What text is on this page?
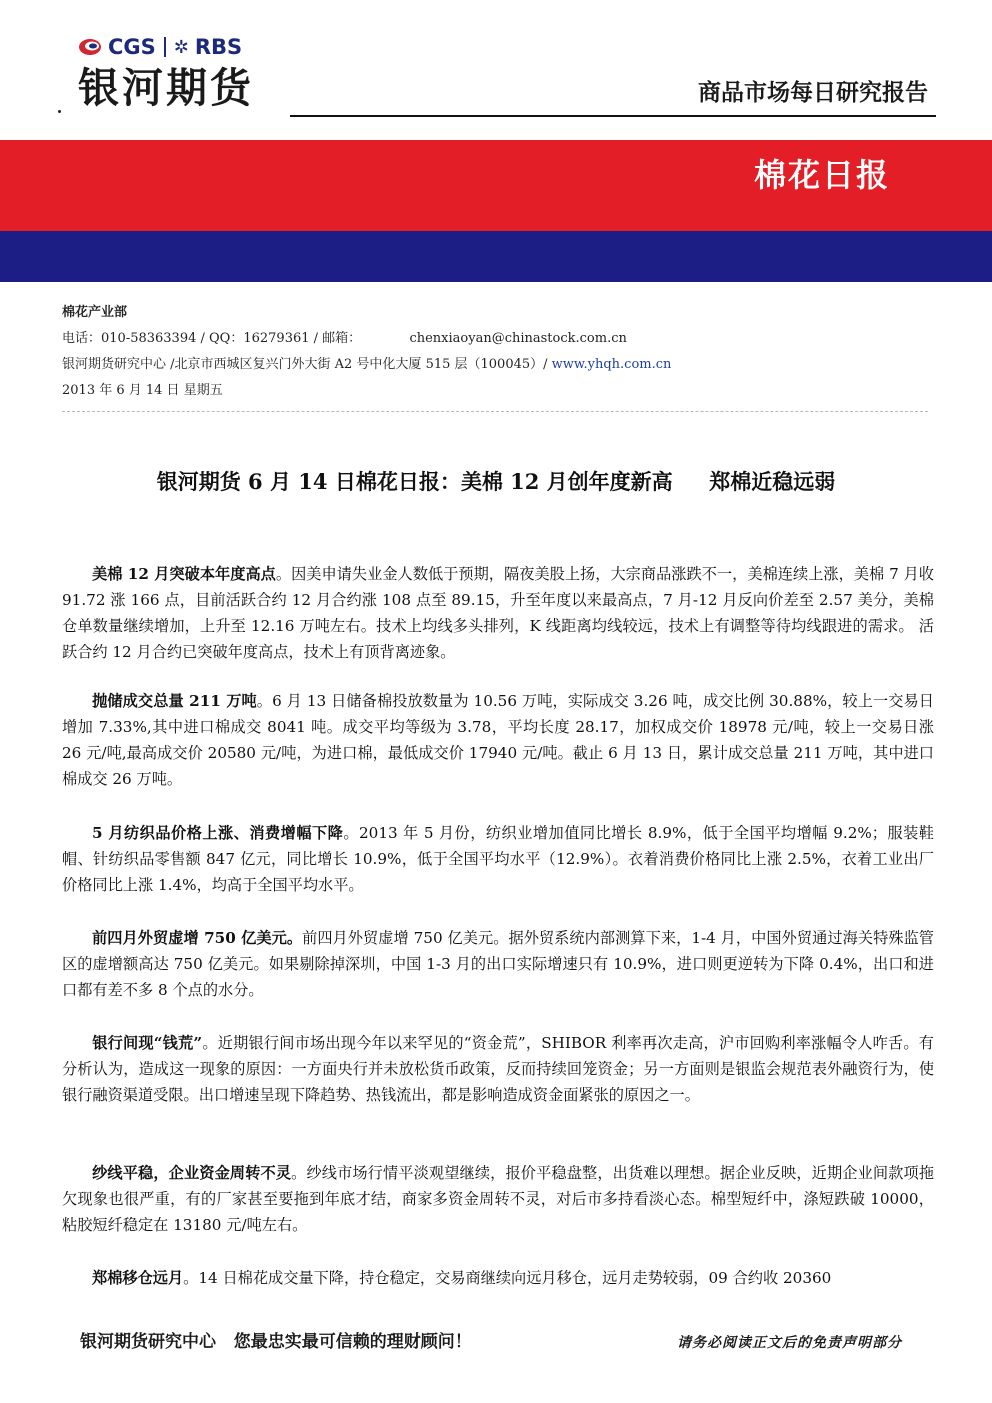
CGS ✲ RBS
银河期货	商品市场每日研究报告
棉花日报
棉花产业部
电话：010-58363394 / QQ：16279361 / 邮箱：	chenxiaoyan@chinastock.com.cn
银河期货研究中心 /北京市西城区复兴门外大街 A2 号中化大厦 515 层（100045）/ www.yhqh.com.cn
2013 年 6 月 14 日 星期五
银河期货 6 月 14 日棉花日报：美棉 12 月创年度新高     郑棉近稳远弱
美棉 12 月突破本年度高点。因美申请失业金人数低于预期，隔夜美股上扬，大宗商品涨跌不一，美棉连续上涨，美棉 7 月收 91.72 涨 166 点，目前活跃合约 12 月合约涨 108 点至 89.15，升至年度以来最高点，7 月-12 月反向价差至 2.57 美分，美棉仓单数量继续增加，上升至 12.16 万吨左右。技术上均线多头排列，K 线距离均线较远，技术上有调整等待均线跟进的需求。 活跃合约 12 月合约已突破年度高点，技术上有顶背离迹象。
抛储成交总量 211 万吨。6 月 13 日储备棉投放数量为 10.56 万吨，实际成交 3.26 吨，成交比例 30.88%，较上一交易日增加 7.33%,其中进口棉成交 8041 吨。成交平均等级为 3.78，平均长度 28.17，加权成交价 18978 元/吨，较上一交易日涨 26 元/吨,最高成交价 20580 元/吨，为进口棉，最低成交价 17940 元/吨。截止 6 月 13 日，累计成交总量 211 万吨，其中进口棉成交 26 万吨。
5 月纺织品价格上涨、消费增幅下降。2013 年 5 月份，纺织业增加值同比增长 8.9%，低于全国平均增幅 9.2%；服装鞋帽、针纺织品零售额 847 亿元，同比增长 10.9%，低于全国平均水平（12.9%）。衣着消费价格同比上涨 2.5%，衣着工业出厂价格同比上涨 1.4%，均高于全国平均水平。
前四月外贸虚增 750 亿美元。前四月外贸虚增 750 亿美元。据外贸系统内部测算下来，1-4 月，中国外贸通过海关特殊监管区的虚增额高达 750 亿美元。如果剔除掉深圳，中国 1-3 月的出口实际增速只有 10.9%，进口则更逆转为下降 0.4%，出口和进口都有差不多 8 个点的水分。
银行间现“钱荒”。近期银行间市场出现今年以来罕见的“资金荒”，SHIBOR 利率再次走高，沪市回购利率涨幅令人咋舌。有分析认为，造成这一现象的原因：一方面央行并未放松货币政策，反而持续回笼资金；另一方面则是银监会规范表外融资行为，使银行融资渠道受限。出口增速呈现下降趋势、热钱流出，都是影响造成资金面紧张的原因之一。
纱线平稳，企业资金周转不灵。纱线市场行情平淡观望继续，报价平稳盘整，出货难以理想。据企业反映，近期企业间款项拖欠现象也很严重，有的厂家甚至要拖到年底才结，商家多资金周转不灵，对后市多持看淡心态。棉型短纤中，涤短跌破 10000，粘胶短纤稳定在 13180 元/吨左右。
郑棉移仓远月。14 日棉花成交量下降，持仓稳定，交易商继续向远月移仓，远月走势较弱，09 合约收 20360
银河期货研究中心   您最忠实最可信赖的理财顾问！	请务必阅读正文后的免责声明部分
